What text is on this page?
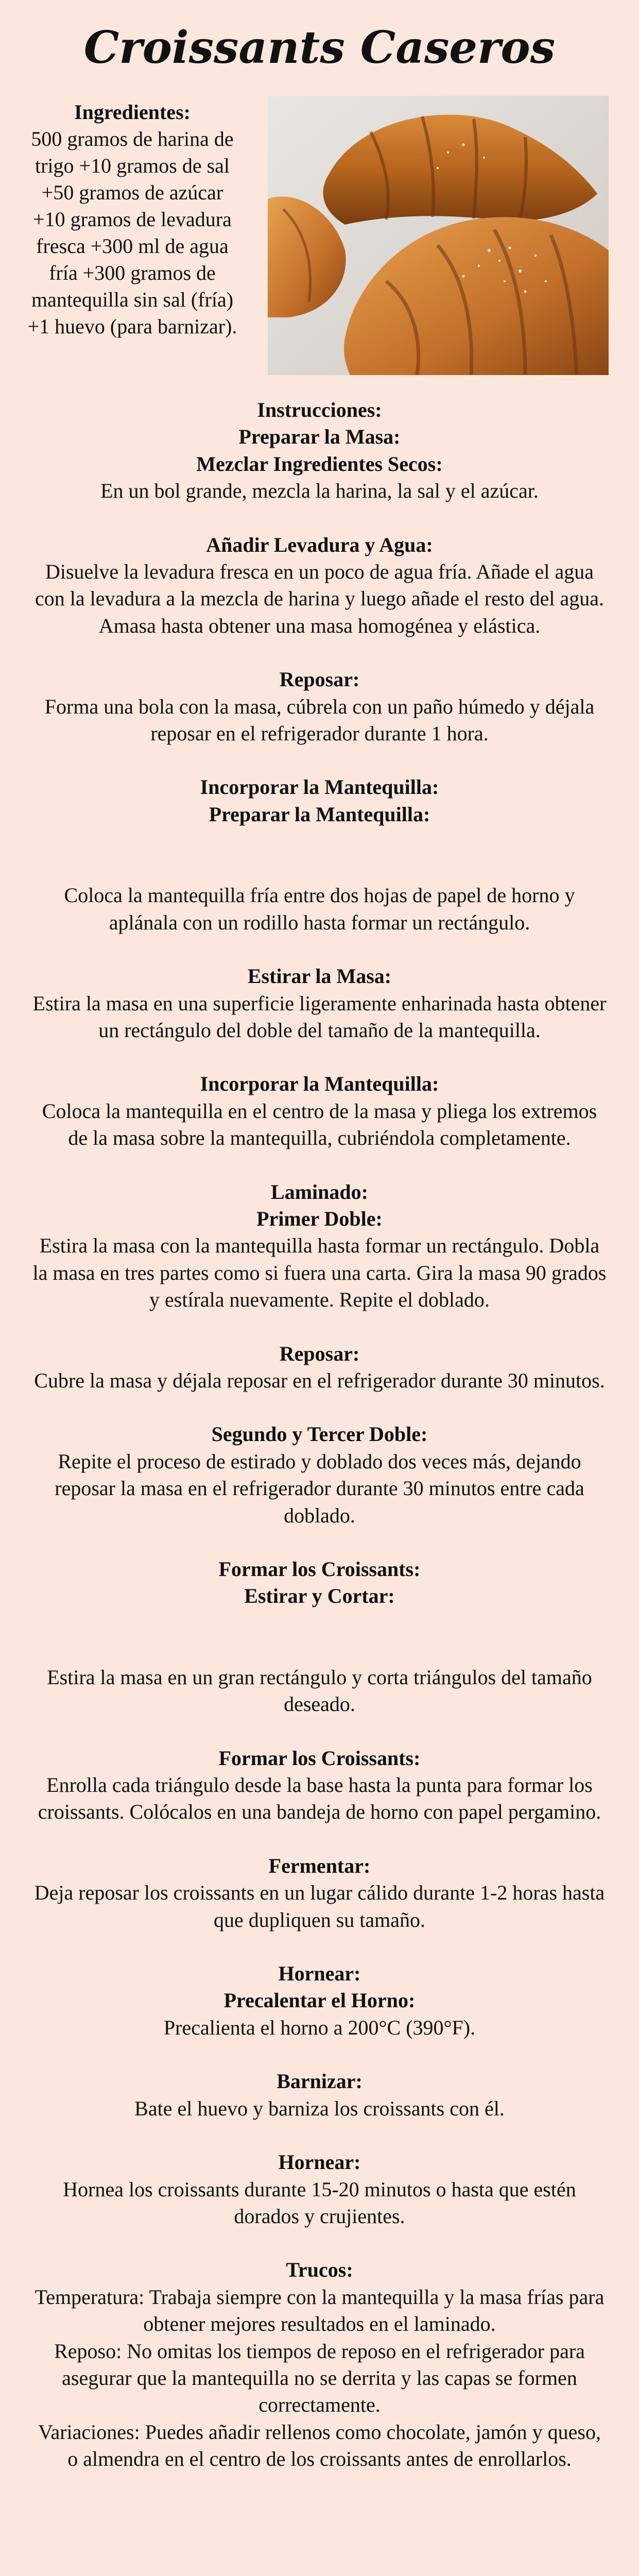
Croissants Caseros
Ingredientes:
500 gramos de harina de trigo +10 gramos de sal +50 gramos de azúcar +10 gramos de levadura fresca +300 ml de agua fría +300 gramos de mantequilla sin sal (fría) +1 huevo (para barnizar).
Instrucciones:
Preparar la Masa:
Mezclar Ingredientes Secos:
En un bol grande, mezcla la harina, la sal y el azúcar.
Añadir Levadura y Agua:
Disuelve la levadura fresca en un poco de agua fría. Añade el agua con la levadura a la mezcla de harina y luego añade el resto del agua. Amasa hasta obtener una masa homogénea y elástica.
Reposar:
Forma una bola con la masa, cúbrela con un paño húmedo y déjala reposar en el refrigerador durante 1 hora.
Incorporar la Mantequilla:
Preparar la Mantequilla:
Coloca la mantequilla fría entre dos hojas de papel de horno y aplánala con un rodillo hasta formar un rectángulo.
Estirar la Masa:
Estira la masa en una superficie ligeramente enharinada hasta obtener un rectángulo del doble del tamaño de la mantequilla.
Incorporar la Mantequilla:
Coloca la mantequilla en el centro de la masa y pliega los extremos de la masa sobre la mantequilla, cubriéndola completamente.
Laminado:
Primer Doble:
Estira la masa con la mantequilla hasta formar un rectángulo. Dobla la masa en tres partes como si fuera una carta. Gira la masa 90 grados y estírala nuevamente. Repite el doblado.
Reposar:
Cubre la masa y déjala reposar en el refrigerador durante 30 minutos.
Segundo y Tercer Doble:
Repite el proceso de estirado y doblado dos veces más, dejando reposar la masa en el refrigerador durante 30 minutos entre cada doblado.
Formar los Croissants:
Estirar y Cortar:
Estira la masa en un gran rectángulo y corta triángulos del tamaño deseado.
Formar los Croissants:
Enrolla cada triángulo desde la base hasta la punta para formar los croissants. Colócalos en una bandeja de horno con papel pergamino.
Fermentar:
Deja reposar los croissants en un lugar cálido durante 1-2 horas hasta que dupliquen su tamaño.
Hornear:
Precalentar el Horno:
Precalienta el horno a 200°C (390°F).
Barnizar:
Bate el huevo y barniza los croissants con él.
Hornear:
Hornea los croissants durante 15-20 minutos o hasta que estén dorados y crujientes.
Trucos:
Temperatura: Trabaja siempre con la mantequilla y la masa frías para obtener mejores resultados en el laminado.
Reposo: No omitas los tiempos de reposo en el refrigerador para asegurar que la mantequilla no se derrita y las capas se formen correctamente.
Variaciones: Puedes añadir rellenos como chocolate, jamón y queso, o almendra en el centro de los croissants antes de enrollarlos.
